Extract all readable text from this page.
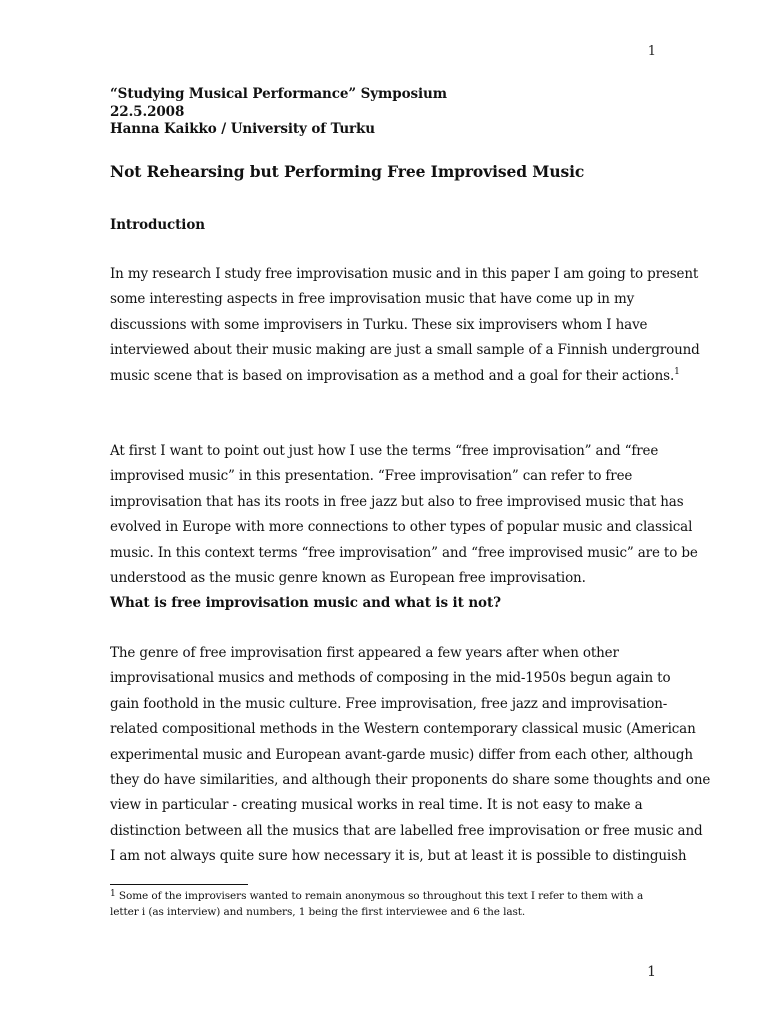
1
“Studying Musical Performance” Symposium
22.5.2008
Hanna Kaikko / University of Turku
Not Rehearsing but Performing Free Improvised Music
Introduction
In my research I study free improvisation music and in this paper I am going to present
some interesting aspects in free improvisation music that have come up in my
discussions with some improvisers in Turku. These six improvisers whom I have
interviewed about their music making are just a small sample of a Finnish underground
music scene that is based on improvisation as a method and a goal for their actions.$^1$
At first I want to point out just how I use the terms “free improvisation” and “free
improvised music” in this presentation. “Free improvisation” can refer to free
improvisation that has its roots in free jazz but also to free improvised music that has
evolved in Europe with more connections to other types of popular music and classical
music. In this context terms “free improvisation” and “free improvised music” are to be
understood as the music genre known as European free improvisation.
What is free improvisation music and what is it not?
The genre of free improvisation first appeared a few years after when other
improvisational musics and methods of composing in the mid-1950s begun again to
gain foothold in the music culture. Free improvisation, free jazz and improvisation-
related compositional methods in the Western contemporary classical music (American
experimental music and European avant-garde music) differ from each other, although
they do have similarities, and although their proponents do share some thoughts and one
view in particular - creating musical works in real time. It is not easy to make a
distinction between all the musics that are labelled free improvisation or free music and
I am not always quite sure how necessary it is, but at least it is possible to distinguish
$^1$ Some of the improvisers wanted to remain anonymous so throughout this text I refer to them with a
letter i (as interview) and numbers, 1 being the first interviewee and 6 the last.
1
